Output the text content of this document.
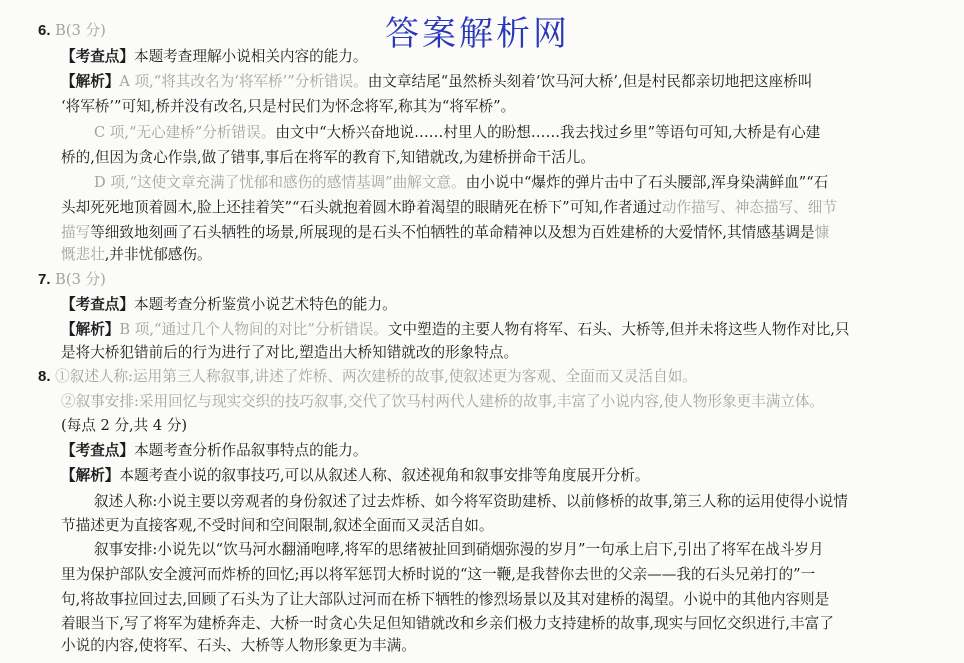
答案解析网
6. B(3 分)
【考查点】本题考查理解小说相关内容的能力。
【解析】A 项,“将其改名为‘将军桥’”分析错误。由文章结尾“虽然桥头刻着‘饮马河大桥’,但是村民都亲切地把这座桥叫
‘将军桥’”可知,桥并没有改名,只是村民们为怀念将军,称其为“将军桥”。
C 项,“无心建桥”分析错误。由文中“大桥兴奋地说……村里人的盼想……我去找过乡里”等语句可知,大桥是有心建
桥的,但因为贪心作祟,做了错事,事后在将军的教育下,知错就改,为建桥拼命干活儿。
D 项,“这使文章充满了忧郁和感伤的感情基调”曲解文意。由小说中“爆炸的弹片击中了石头腰部,浑身染满鲜血”“石
头却死死地顶着圆木,脸上还挂着笑”“石头就抱着圆木睁着渴望的眼睛死在桥下”可知,作者通过动作描写、神态描写、细节
描写等细致地刻画了石头牺牲的场景,所展现的是石头不怕牺牲的革命精神以及想为百姓建桥的大爱情怀,其情感基调是慷
慨悲壮,并非忧郁感伤。
7. B(3 分)
【考查点】本题考查分析鉴赏小说艺术特色的能力。
【解析】B 项,“通过几个人物间的对比”分析错误。文中塑造的主要人物有将军、石头、大桥等,但并未将这些人物作对比,只
是将大桥犯错前后的行为进行了对比,塑造出大桥知错就改的形象特点。
8. ①叙述人称:运用第三人称叙事,讲述了炸桥、两次建桥的故事,使叙述更为客观、全面而又灵活自如。
②叙事安排:采用回忆与现实交织的技巧叙事,交代了饮马村两代人建桥的故事,丰富了小说内容,使人物形象更丰满立体。
(每点 2 分,共 4 分)
【考查点】本题考查分析作品叙事特点的能力。
【解析】本题考查小说的叙事技巧,可以从叙述人称、叙述视角和叙事安排等角度展开分析。
叙述人称:小说主要以旁观者的身份叙述了过去炸桥、如今将军资助建桥、以前修桥的故事,第三人称的运用使得小说情
节描述更为直接客观,不受时间和空间限制,叙述全面而又灵活自如。
叙事安排:小说先以“饮马河水翻涌咆哮,将军的思绪被扯回到硝烟弥漫的岁月”一句承上启下,引出了将军在战斗岁月
里为保护部队安全渡河而炸桥的回忆;再以将军惩罚大桥时说的“这一鞭,是我替你去世的父亲——我的石头兄弟打的”一
句,将故事拉回过去,回顾了石头为了让大部队过河而在桥下牺牲的惨烈场景以及其对建桥的渴望。小说中的其他内容则是
着眼当下,写了将军为建桥奔走、大桥一时贪心失足但知错就改和乡亲们极力支持建桥的故事,现实与回忆交织进行,丰富了
小说的内容,使将军、石头、大桥等人物形象更为丰满。
